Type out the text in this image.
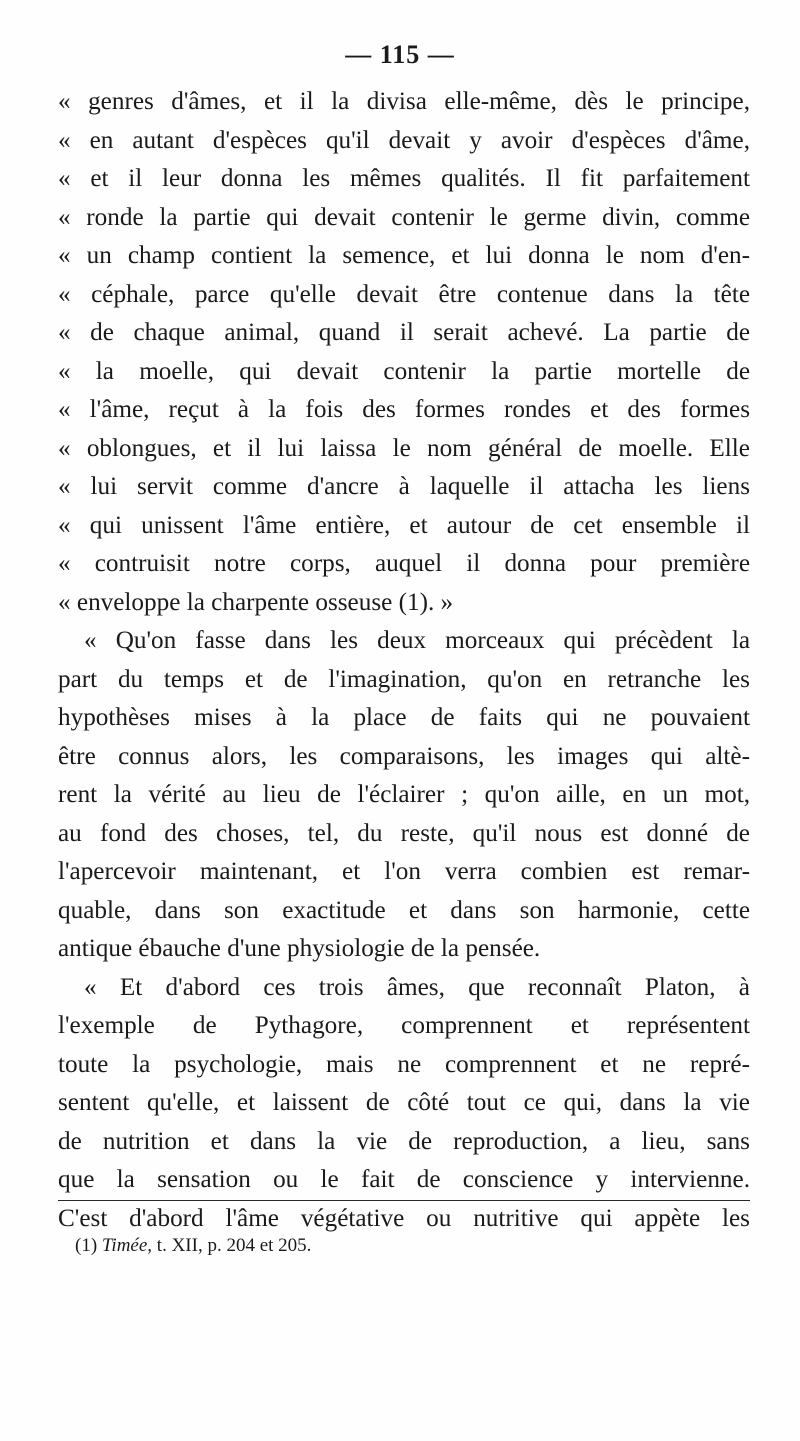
— 115 —
« genres d'âmes, et il la divisa elle-même, dès le principe,
« en autant d'espèces qu'il devait y avoir d'espèces d'âme,
« et il leur donna les mêmes qualités. Il fit parfaitement
« ronde la partie qui devait contenir le germe divin, comme
« un champ contient la semence, et lui donna le nom d'en-
« céphale, parce qu'elle devait être contenue dans la tête
« de chaque animal, quand il serait achevé. La partie de
« la moelle, qui devait contenir la partie mortelle de
« l'âme, reçut à la fois des formes rondes et des formes
« oblongues, et il lui laissa le nom général de moelle. Elle
« lui servit comme d'ancre à laquelle il attacha les liens
« qui unissent l'âme entière, et autour de cet ensemble il
« contruisit notre corps, auquel il donna pour première
« enveloppe la charpente osseuse (1). »
« Qu'on fasse dans les deux morceaux qui précèdent la
part du temps et de l'imagination, qu'on en retranche les
hypothèses mises à la place de faits qui ne pouvaient
être connus alors, les comparaisons, les images qui altè-
rent la vérité au lieu de l'éclairer ; qu'on aille, en un mot,
au fond des choses, tel, du reste, qu'il nous est donné de
l'apercevoir maintenant, et l'on verra combien est remar-
quable, dans son exactitude et dans son harmonie, cette
antique ébauche d'une physiologie de la pensée.
« Et d'abord ces trois âmes, que reconnaît Platon, à
l'exemple de Pythagore, comprennent et représentent
toute la psychologie, mais ne comprennent et ne repré-
sentent qu'elle, et laissent de côté tout ce qui, dans la vie
de nutrition et dans la vie de reproduction, a lieu, sans
que la sensation ou le fait de conscience y intervienne.
C'est d'abord l'âme végétative ou nutritive qui appète les
(1) Timée, t. XII, p. 204 et 205.
